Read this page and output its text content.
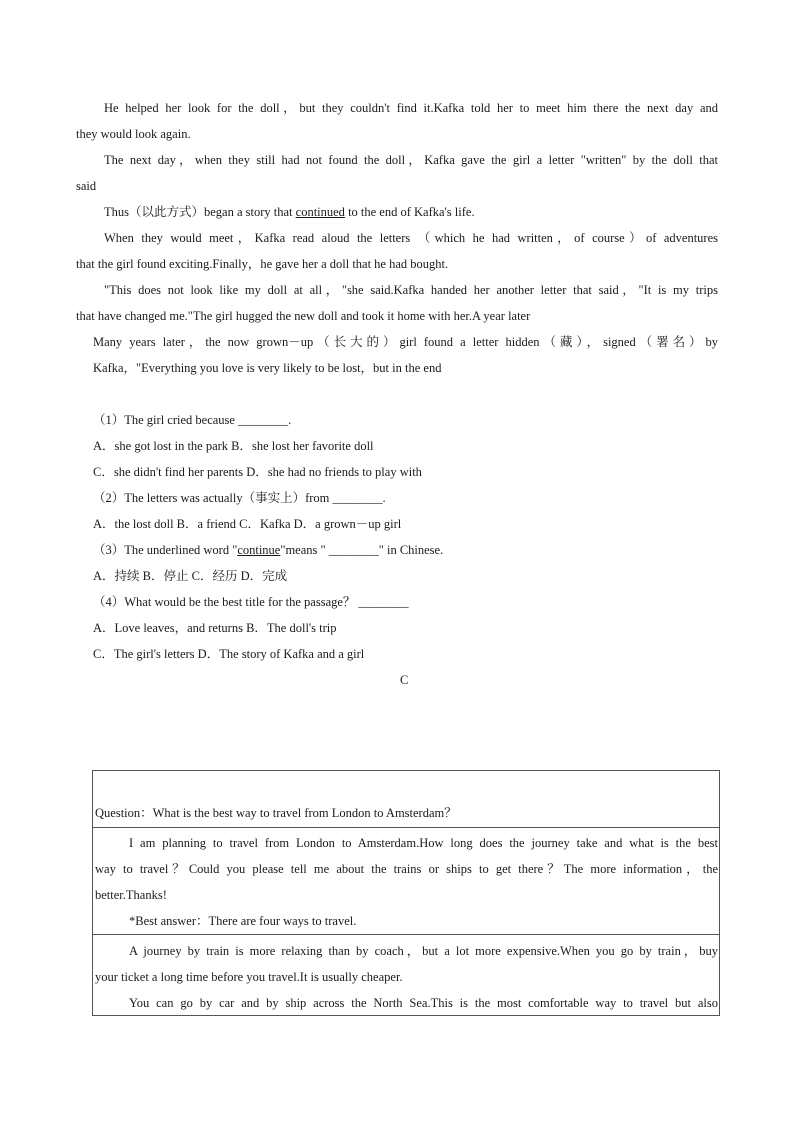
He helped her look for the doll，but they couldn't find it.Kafka told her to meet him there the next day and
they would look again.
The next day，when they still had not found the doll，Kafka gave the girl a letter "written" by the doll that
said
Thus（以此方式）began a story that continued to the end of Kafka's life.
When they would meet，Kafka read aloud the letters （which he had written，of course）of adventures
that the girl found exciting.Finally，he gave her a doll that he had bought.
"This does not look like my doll at all，"she said.Kafka handed her another letter that said，"It is my trips
that have changed me."The girl hugged the new doll and took it home with her.A year later
Many years later，the now grown－up（长大的）girl found a letter hidden（藏），signed（署名）by
Kafka，"Everything you love is very likely to be lost，but in the end
（1）The girl cried because ________.
A．she got lost in the park B．she lost her favorite doll
C．she didn't find her parents D．she had no friends to play with
（2）The letters was actually（事实上）from ________.
A．the lost doll B．a friend C．Kafka D．a grown－up girl
（3）The underlined word "continue"means " ________" in Chinese.
A．持续 B．停止 C．经历 D．完成
（4）What would be the best title for the passage？ ________
A．Love leaves，and returns B．The doll's trip
C．The girl's letters D．The story of Kafka and a girl
C
Question：What is the best way to travel from London to Amsterdam？
I am planning to travel from London to Amsterdam.How long does the journey take and what is the best
way to travel？Could you please tell me about the trains or ships to get there？The more information，the
better.Thanks!
*Best answer：There are four ways to travel.
A journey by train is more relaxing than by coach，but a lot more expensive.When you go by train，buy
your ticket a long time before you travel.It is usually cheaper.
You can go by car and by ship across the North Sea.This is the most comfortable way to travel but also
